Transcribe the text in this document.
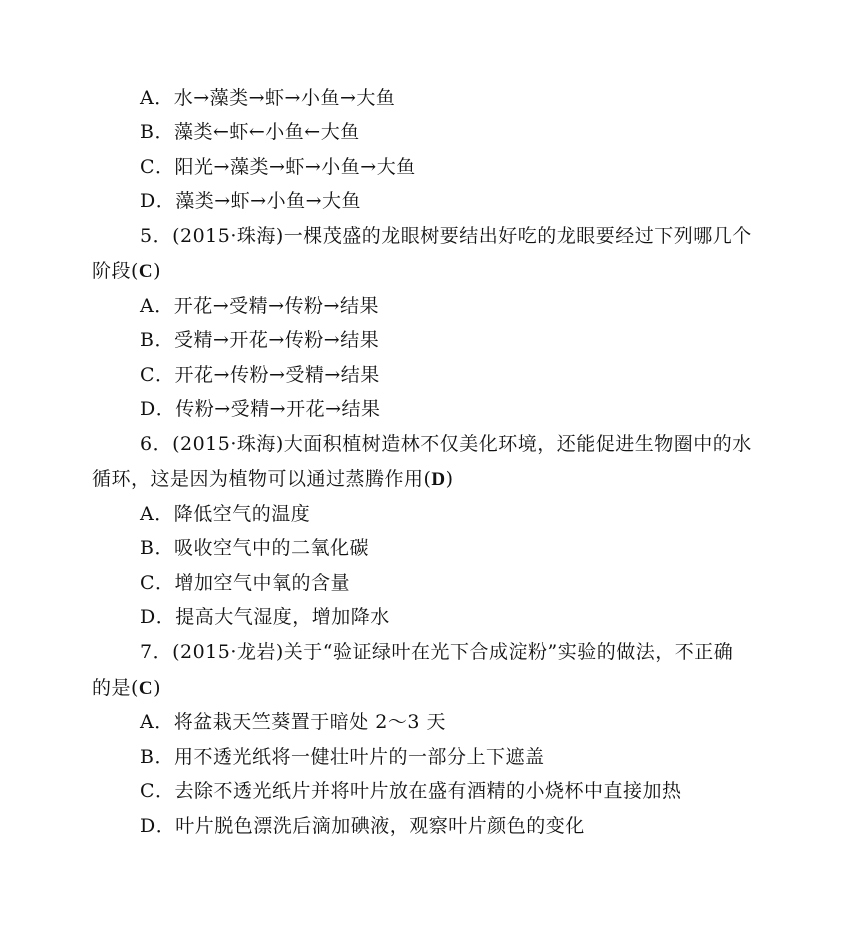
A．水→藻类→虾→小鱼→大鱼
B．藻类←虾←小鱼←大鱼
C．阳光→藻类→虾→小鱼→大鱼
D．藻类→虾→小鱼→大鱼
5．(2015·珠海)一棵茂盛的龙眼树要结出好吃的龙眼要经过下列哪几个
阶段(C)
A．开花→受精→传粉→结果
B．受精→开花→传粉→结果
C．开花→传粉→受精→结果
D．传粉→受精→开花→结果
6．(2015·珠海)大面积植树造林不仅美化环境，还能促进生物圈中的水
循环，这是因为植物可以通过蒸腾作用(D)
A．降低空气的温度
B．吸收空气中的二氧化碳
C．增加空气中氧的含量
D．提高大气湿度，增加降水
7．(2015·龙岩)关于“验证绿叶在光下合成淀粉”实验的做法，不正确
的是(C)
A．将盆栽天竺葵置于暗处 2～3 天
B．用不透光纸将一健壮叶片的一部分上下遮盖
C．去除不透光纸片并将叶片放在盛有酒精的小烧杯中直接加热
D．叶片脱色漂洗后滴加碘液，观察叶片颜色的变化
